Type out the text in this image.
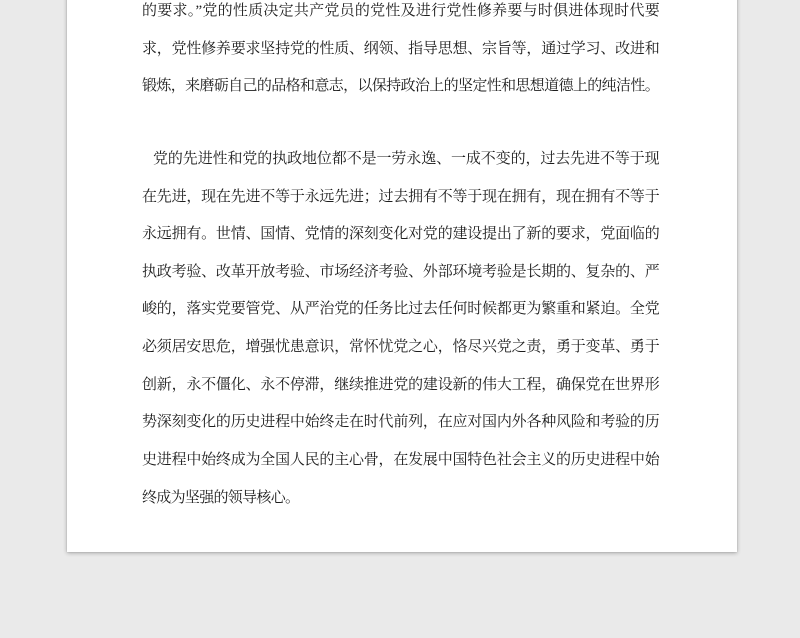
的要求。”党的性质决定共产党员的党性及进行党性修养要与时俱进体现时代要
求，党性修养要求坚持党的性质、纲领、指导思想、宗旨等，通过学习、改进和
锻炼，来磨砺自己的品格和意志，以保持政治上的坚定性和思想道德上的纯洁性。
党的先进性和党的执政地位都不是一劳永逸、一成不变的，过去先进不等于现
在先进，现在先进不等于永远先进；过去拥有不等于现在拥有，现在拥有不等于
永远拥有。世情、国情、党情的深刻变化对党的建设提出了新的要求，党面临的
执政考验、改革开放考验、市场经济考验、外部环境考验是长期的、复杂的、严
峻的，落实党要管党、从严治党的任务比过去任何时候都更为繁重和紧迫。全党
必须居安思危，增强忧患意识，常怀忧党之心，恪尽兴党之责，勇于变革、勇于
创新，永不僵化、永不停滞，继续推进党的建设新的伟大工程，确保党在世界形
势深刻变化的历史进程中始终走在时代前列，在应对国内外各种风险和考验的历
史进程中始终成为全国人民的主心骨，在发展中国特色社会主义的历史进程中始
终成为坚强的领导核心。
